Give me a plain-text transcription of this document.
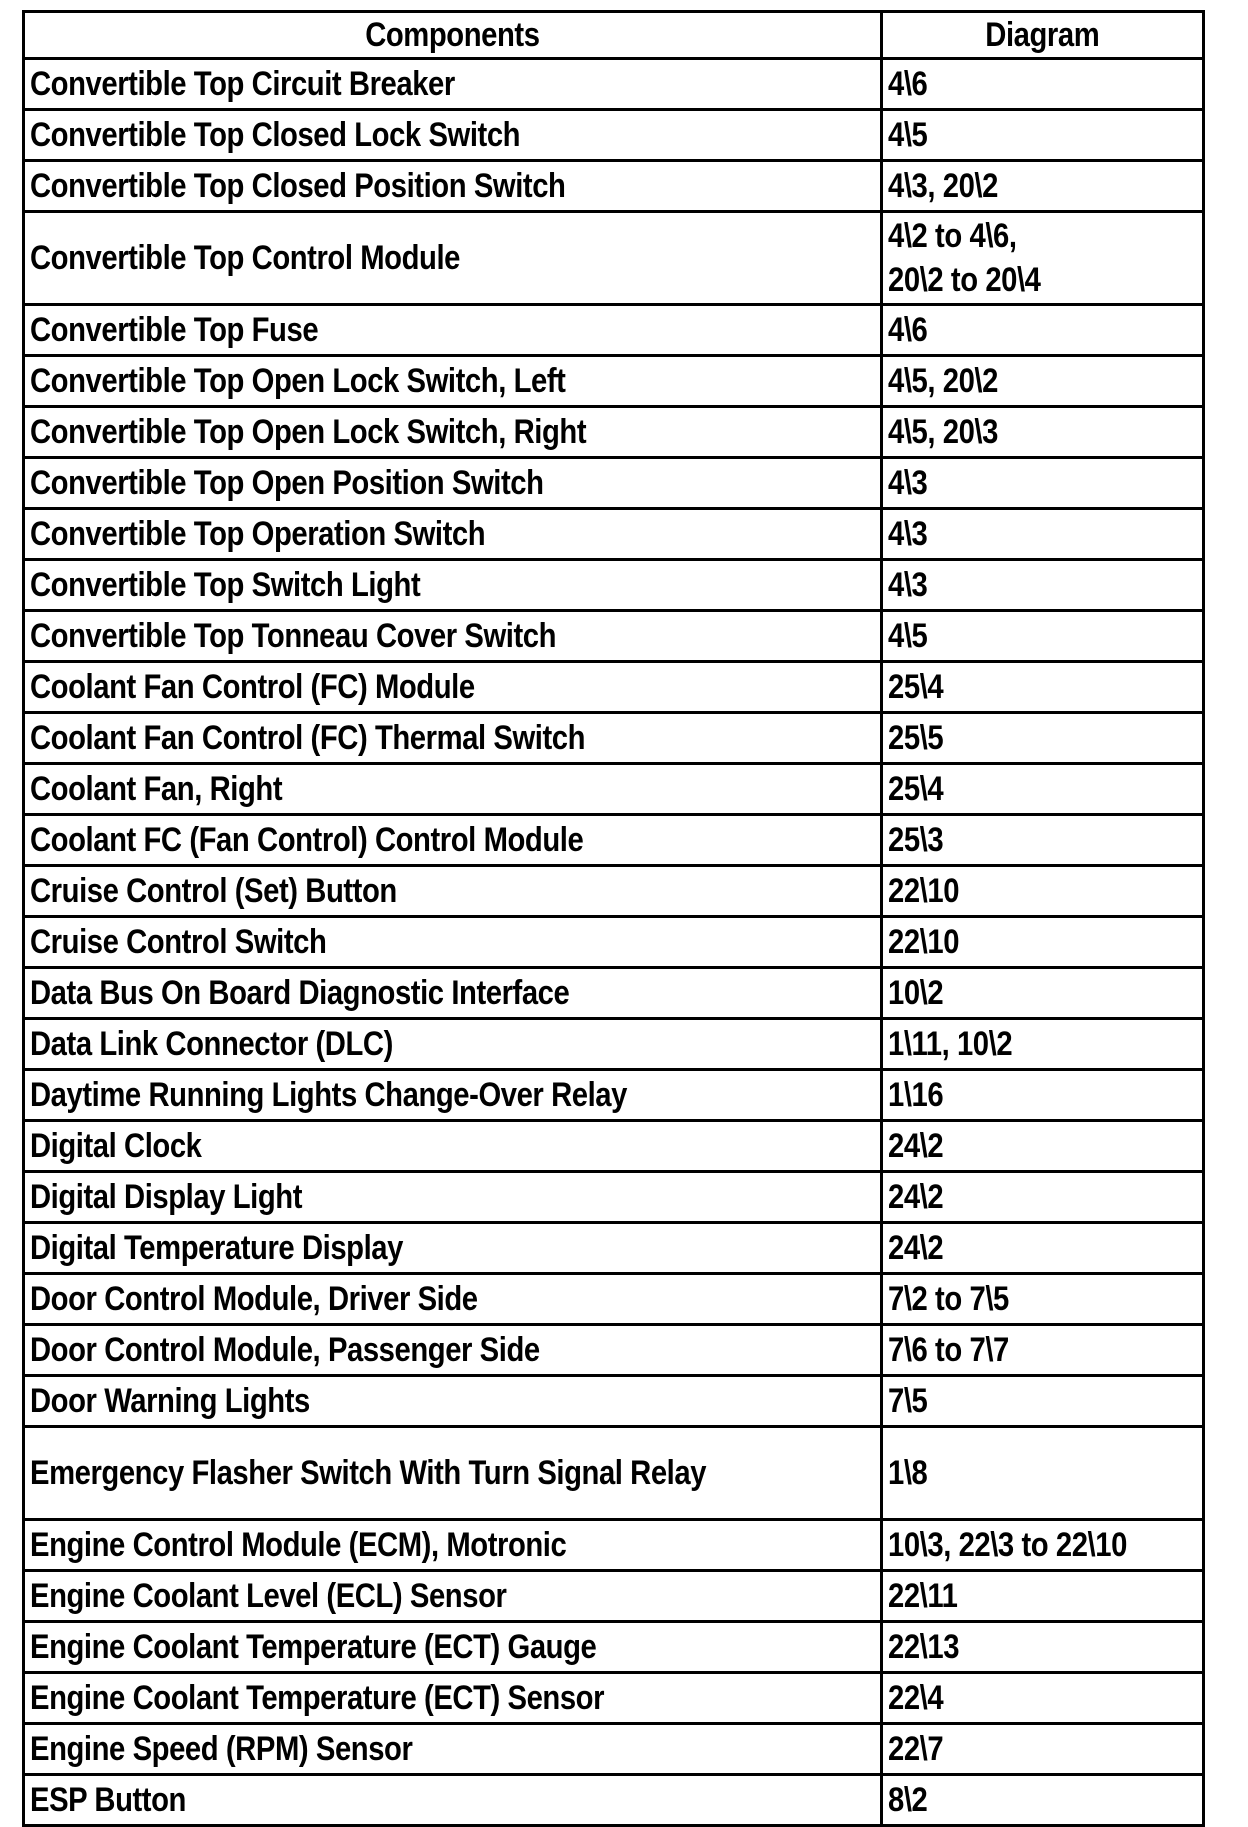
Components	Diagram
Convertible Top Circuit Breaker	4\6
Convertible Top Closed Lock Switch	4\5
Convertible Top Closed Position Switch	4\3, 20\2
Convertible Top Control Module	4\2 to 4\6,
20\2 to 20\4

Convertible Top Fuse	4\6
Convertible Top Open Lock Switch, Left	4\5, 20\2
Convertible Top Open Lock Switch, Right	4\5, 20\3
Convertible Top Open Position Switch	4\3
Convertible Top Operation Switch	4\3
Convertible Top Switch Light	4\3
Convertible Top Tonneau Cover Switch	4\5
Coolant Fan Control (FC) Module	25\4
Coolant Fan Control (FC) Thermal Switch	25\5
Coolant Fan, Right	25\4
Coolant FC (Fan Control) Control Module	25\3
Cruise Control (Set) Button	22\10
Cruise Control Switch	22\10
Data Bus On Board Diagnostic Interface	10\2
Data Link Connector (DLC)	1\11, 10\2
Daytime Running Lights Change-Over Relay	1\16
Digital Clock	24\2
Digital Display Light	24\2
Digital Temperature Display	24\2
Door Control Module, Driver Side	7\2 to 7\5
Door Control Module, Passenger Side	7\6 to 7\7
Door Warning Lights	7\5
Emergency Flasher Switch With Turn Signal Relay	1\8
Engine Control Module (ECM), Motronic	10\3, 22\3 to 22\10
Engine Coolant Level (ECL) Sensor	22\11
Engine Coolant Temperature (ECT) Gauge	22\13
Engine Coolant Temperature (ECT) Sensor	22\4
Engine Speed (RPM) Sensor	22\7
ESP Button	8\2
